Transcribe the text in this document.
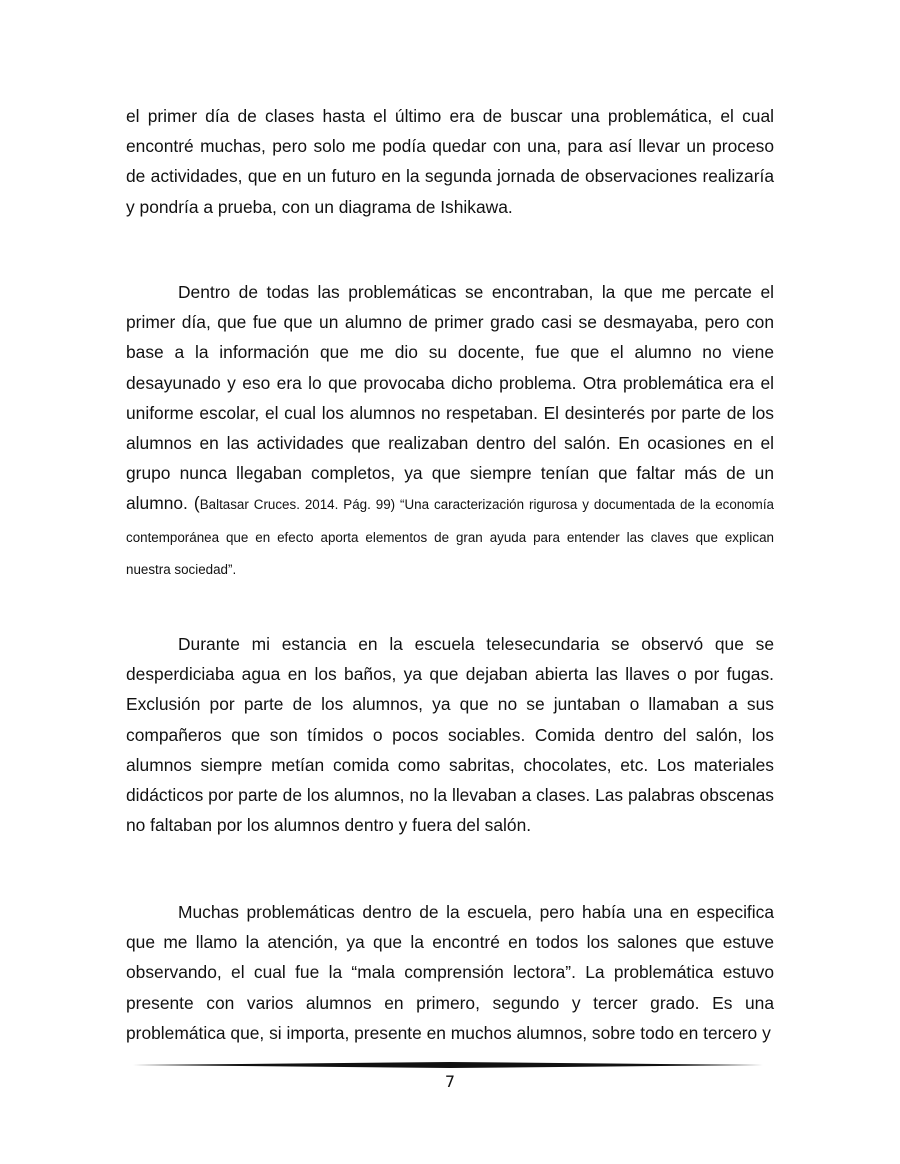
el primer día de clases hasta el último era de buscar una problemática, el cual encontré muchas, pero solo me podía quedar con una, para así llevar un proceso de actividades, que en un futuro en la segunda jornada de observaciones realizaría y pondría a prueba, con un diagrama de Ishikawa.

Dentro de todas las problemáticas se encontraban, la que me percate el primer día, que fue que un alumno de primer grado casi se desmayaba, pero con base a la información que me dio su docente, fue que el alumno no viene desayunado y eso era lo que provocaba dicho problema. Otra problemática era el uniforme escolar, el cual los alumnos no respetaban. El desinterés por parte de los alumnos en las actividades que realizaban dentro del salón. En ocasiones en el grupo nunca llegaban completos, ya que siempre tenían que faltar más de un alumno. (Baltasar Cruces. 2014. Pág. 99) “Una caracterización rigurosa y documentada de la economía contemporánea que en efecto aporta elementos de gran ayuda para entender las claves que explican nuestra sociedad”.

Durante mi estancia en la escuela telesecundaria se observó que se desperdiciaba agua en los baños, ya que dejaban abierta las llaves o por fugas. Exclusión por parte de los alumnos, ya que no se juntaban o llamaban a sus compañeros que son tímidos o pocos sociables. Comida dentro del salón, los alumnos siempre metían comida como sabritas, chocolates, etc. Los materiales didácticos por parte de los alumnos, no la llevaban a clases. Las palabras obscenas no faltaban por los alumnos dentro y fuera del salón.

Muchas problemáticas dentro de la escuela, pero había una en especifica que me llamo la atención, ya que la encontré en todos los salones que estuve observando, el cual fue la “mala comprensión lectora”. La problemática estuvo presente con varios alumnos en primero, segundo y tercer grado. Es una problemática que, si importa, presente en muchos alumnos, sobre todo en tercero y

7
